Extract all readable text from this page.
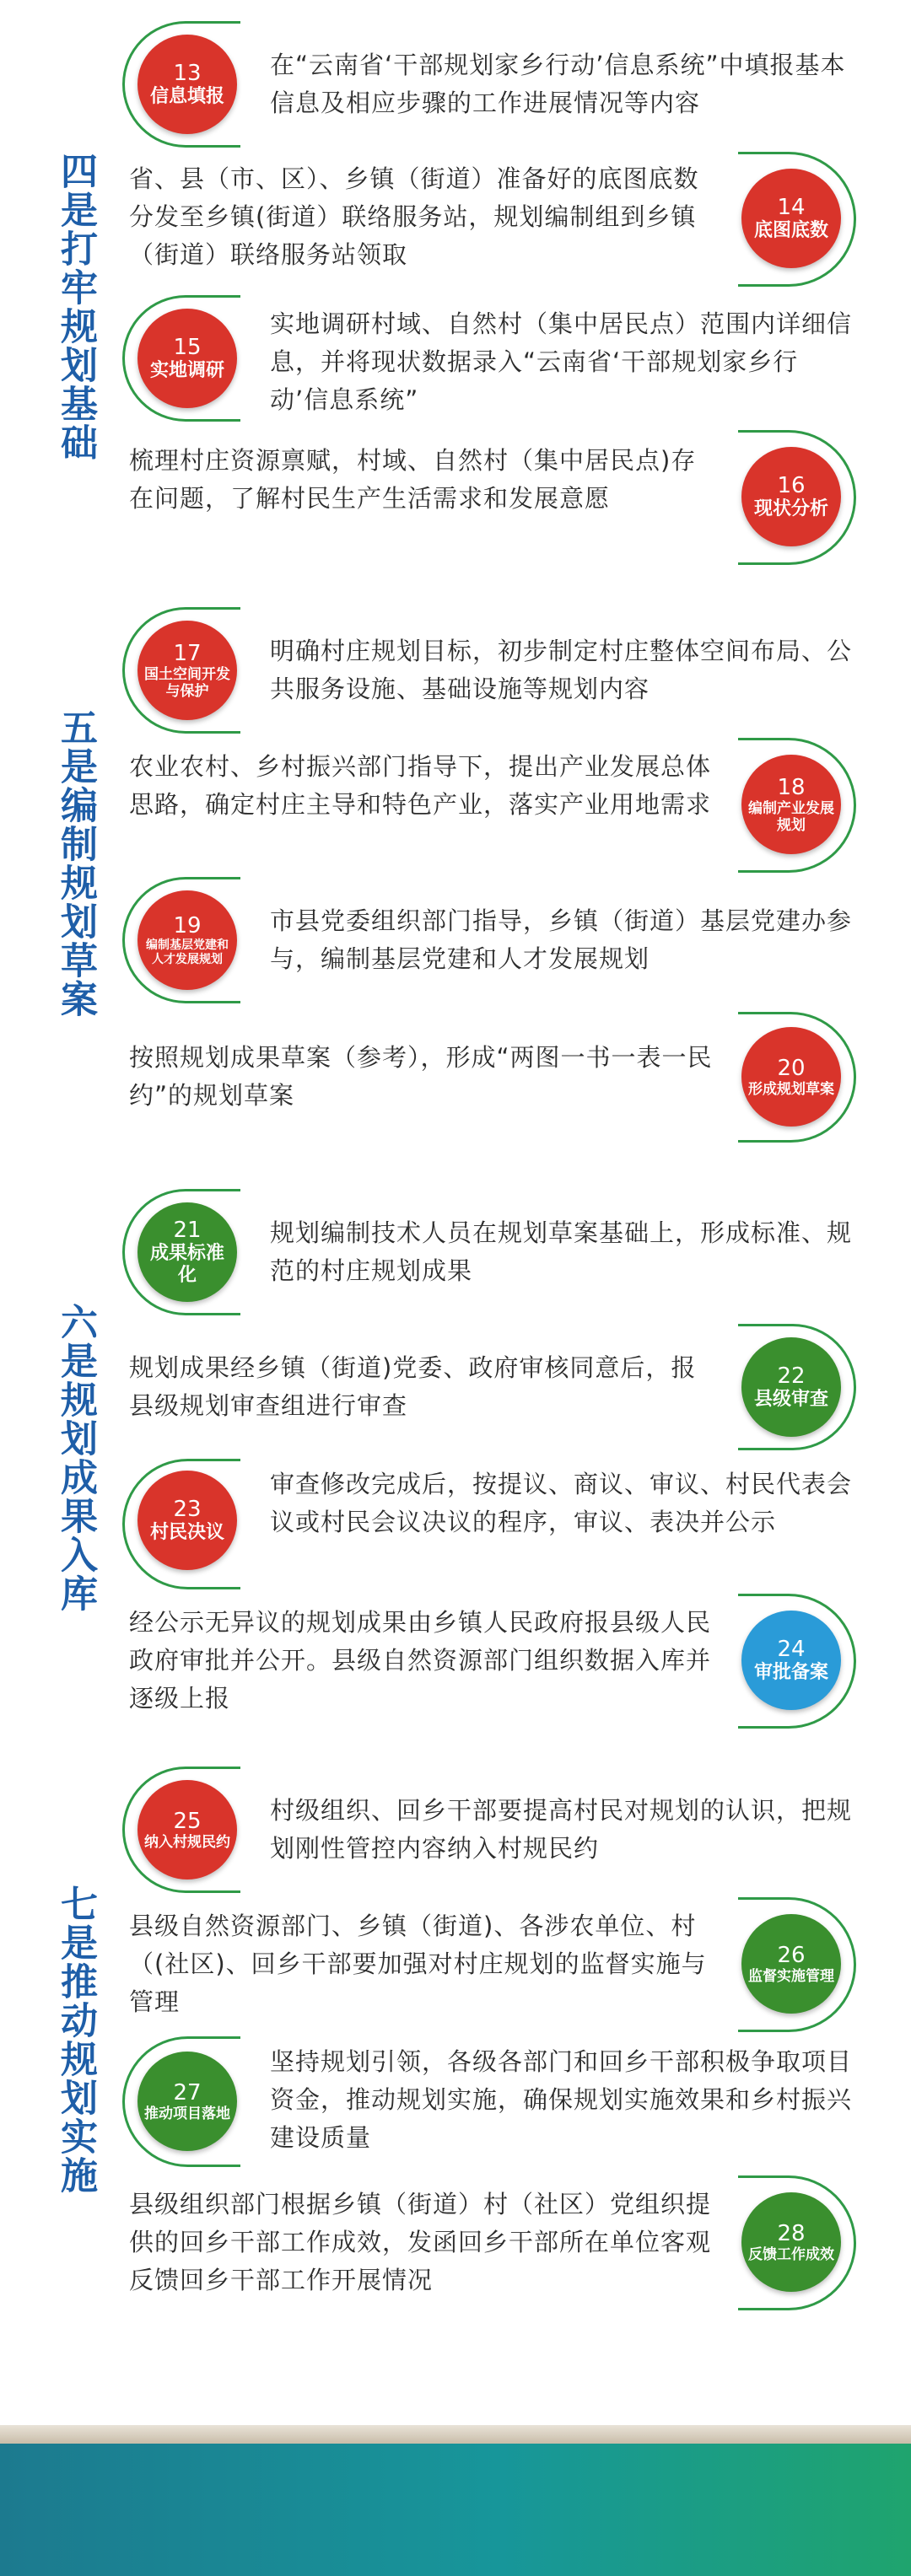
四是打牢规划基础
五是编制规划草案
六是规划成果入库
七是推动规划实施
13
信息填报
在“云南省‘干部规划家乡行动’信息系统”中填报基本信息及相应步骤的工作进展情况等内容
14
底图底数
省、县（市、区）、乡镇（街道）准备好的底图底数分发至乡镇(街道）联络服务站，规划编制组到乡镇（街道）联络服务站领取
15
实地调研
实地调研村域、自然村（集中居民点）范围内详细信息，并将现状数据录入“云南省‘干部规划家乡行动’信息系统”
16
现状分析
梳理村庄资源禀赋，村域、自然村（集中居民点)存在问题，了解村民生产生活需求和发展意愿
17
国土空间开发与保护
明确村庄规划目标，初步制定村庄整体空间布局、公共服务设施、基础设施等规划内容
18
编制产业发展规划
农业农村、乡村振兴部门指导下，提出产业发展总体思路，确定村庄主导和特色产业，落实产业用地需求
19
编制基层党建和人才发展规划
市县党委组织部门指导，乡镇（街道）基层党建办参与，编制基层党建和人才发展规划
20
形成规划草案
按照规划成果草案（参考），形成“两图一书一表一民约”的规划草案
21
成果标准化
规划编制技术人员在规划草案基础上，形成标准、规范的村庄规划成果
22
县级审查
规划成果经乡镇（街道)党委、政府审核同意后，报县级规划审查组进行审查
23
村民决议
审查修改完成后，按提议、商议、审议、村民代表会议或村民会议决议的程序，审议、表决并公示
24
审批备案
经公示无异议的规划成果由乡镇人民政府报县级人民政府审批并公开。县级自然资源部门组织数据入库并逐级上报
25
纳入村规民约
村级组织、回乡干部要提高村民对规划的认识，把规划刚性管控内容纳入村规民约
26
监督实施管理
县级自然资源部门、乡镇（街道)、各涉农单位、村（(社区)、回乡干部要加强对村庄规划的监督实施与管理
27
推动项目落地
坚持规划引领，各级各部门和回乡干部积极争取项目资金，推动规划实施，确保规划实施效果和乡村振兴建设质量
28
反馈工作成效
县级组织部门根据乡镇（街道）村（社区）党组织提供的回乡干部工作成效，发函回乡干部所在单位客观反馈回乡干部工作开展情况
